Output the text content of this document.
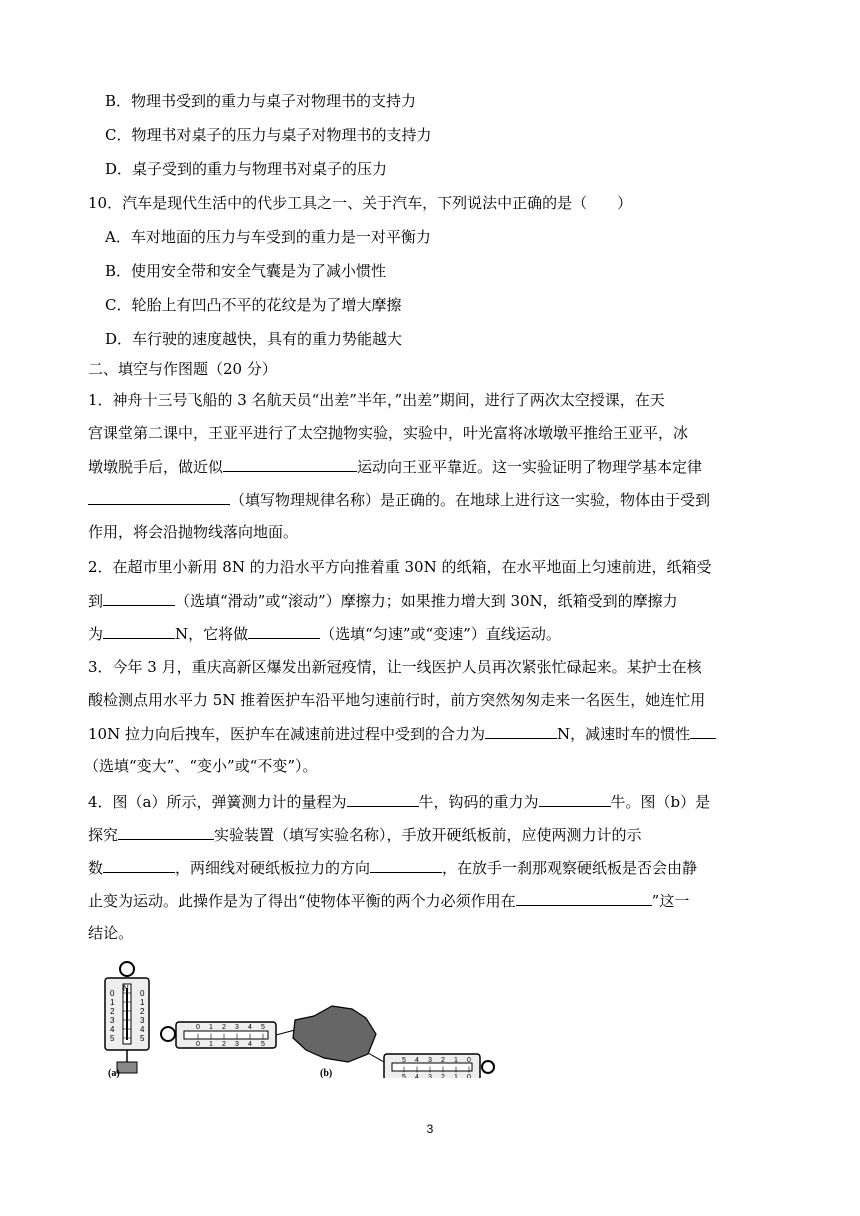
B．物理书受到的重力与桌子对物理书的支持力
C．物理书对桌子的压力与桌子对物理书的支持力
D．桌子受到的重力与物理书对桌子的压力
10．汽车是现代生活中的代步工具之一、关于汽车，下列说法中正确的是（　　）
A．车对地面的压力与车受到的重力是一对平衡力
B．使用安全带和安全气囊是为了减小惯性
C．轮胎上有凹凸不平的花纹是为了增大摩擦
D．车行驶的速度越快，具有的重力势能越大
二、填空与作图题（20 分）
1．神舟十三号飞船的 3 名航天员“出差”半年，”出差”期间，进行了两次太空授课，在天
宫课堂第二课中，王亚平进行了太空抛物实验，实验中，叶光富将冰墩墩平推给王亚平，冰
墩墩脱手后，做近似	运动向王亚平靠近。这一实验证明了物理学基本定律
（填写物理规律名称）是正确的。在地球上进行这一实验，物体由于受到
作用，将会沿抛物线落向地面。
2．在超市里小新用 8N 的力沿水平方向推着重 30N 的纸箱，在水平地面上匀速前进，纸箱受
到	（选填“滑动”或“滚动”）摩擦力；如果推力增大到 30N，纸箱受到的摩擦力
为	N，它将做	（选填“匀速”或“变速”）直线运动。
3．今年 3 月，重庆高新区爆发出新冠疫情，让一线医护人员再次紧张忙碌起来。某护士在核
酸检测点用水平力 5N 推着医护车沿平地匀速前行时，前方突然匆匆走来一名医生，她连忙用
10N 拉力向后拽车，医护车在减速前进过程中受到的合力为	N，减速时车的惯性
（选填“变大”、“变小”或“不变”）。
4．图（a）所示，弹簧测力计的量程为	牛，钩码的重力为	牛。图（b）是
探究	实验装置（填写实验名称），手放开硬纸板前，应使两测力计的示
数	，两细线对硬纸板拉力的方向	，在放手一刹那观察硬纸板是否会由静
止变为运动。此操作是为了得出“使物体平衡的两个力必须作用在	”这一
结论。
0	0
1	1
2	2
3	3
4	4
5	5
N
0
0
1
1
2
2
3
3
4
4
5
5
0
0
1
1
2
2
3
3
4
4
5
5
(a)	(b)
3
